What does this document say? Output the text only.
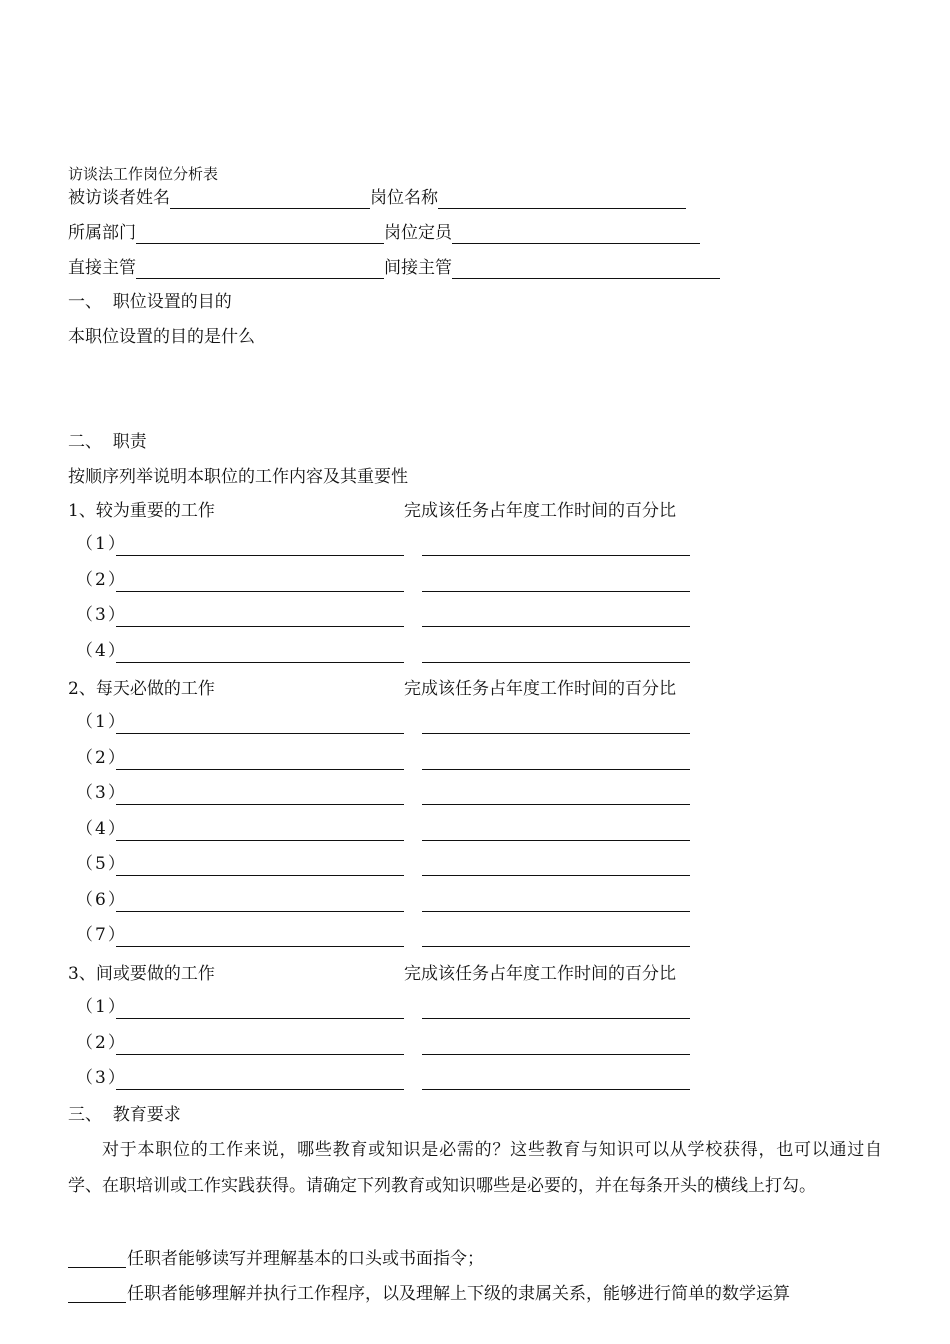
访谈法工作岗位分析表
被访谈者姓名	岗位名称
所属部门	岗位定员
直接主管	间接主管
一、  职位设置的目的
本职位设置的目的是什么
二、  职责
按顺序列举说明本职位的工作内容及其重要性
三、  教育要求
对于本职位的工作来说，哪些教育或知识是必需的？这些教育与知识可以从学校获得，也可以通过自学、在职培训或工作实践获得。请确定下列教育或知识哪些是必要的，并在每条开头的横线上打勾。
任职者能够读写并理解基本的口头或书面指令；
任职者能够理解并执行工作程序，以及理解上下级的隶属关系，能够进行简单的数学运算
1、较为重要的工作	完成该任务占年度工作时间的百分比
（1）
（2）
（3）
（4）
2、每天必做的工作	完成该任务占年度工作时间的百分比
（1）
（2）
（3）
（4）
（5）
（6）
（7）
3、间或要做的工作	完成该任务占年度工作时间的百分比
（1）
（2）
（3）
